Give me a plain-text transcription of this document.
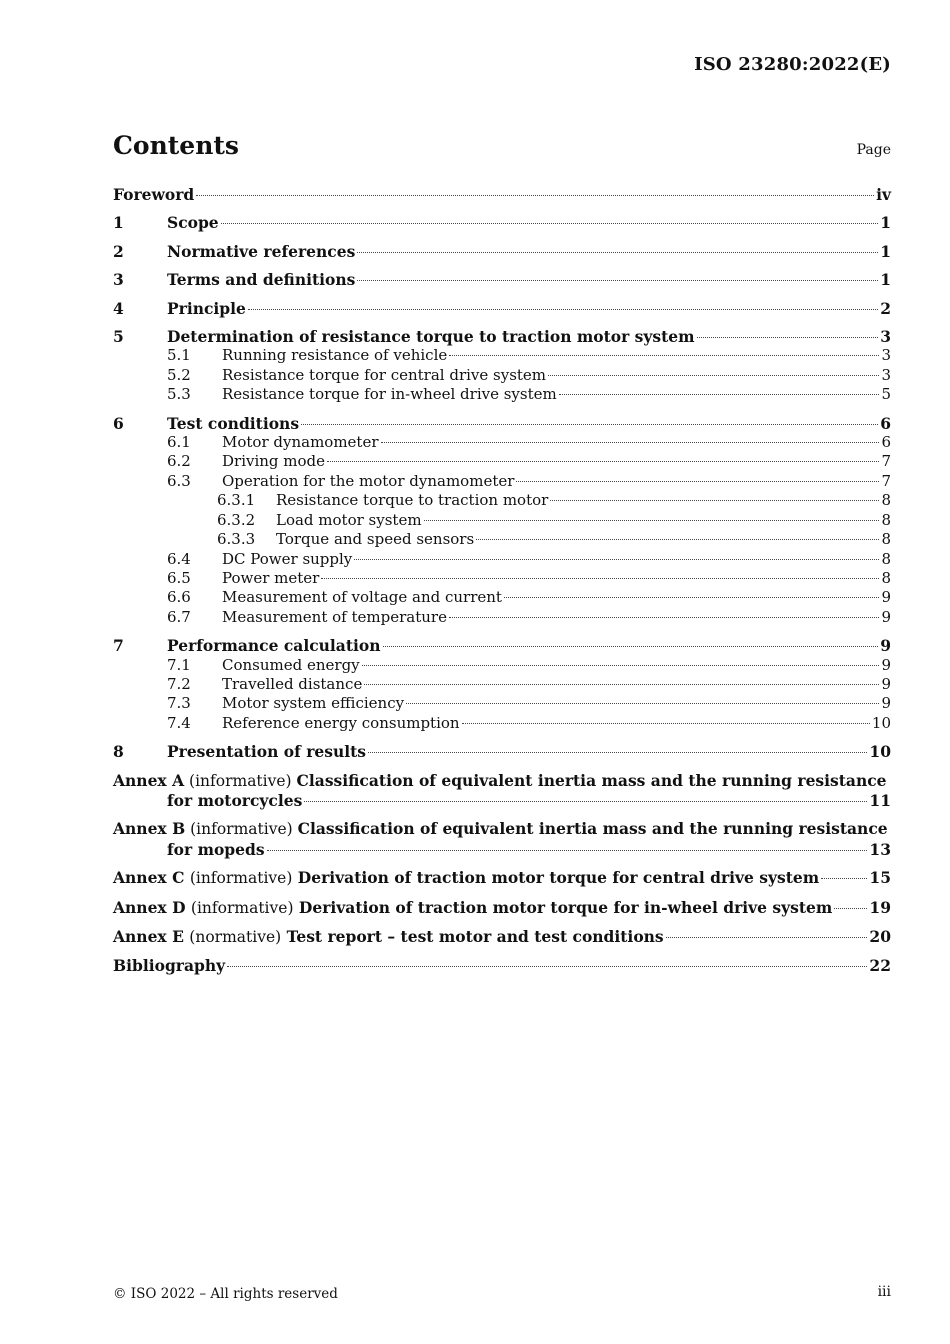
ISO 23280:2022(E)
Contents	Page
Foreword	iv
1	Scope	1
2	Normative references	1
3	Terms and definitions	1
4	Principle	2
5	Determination of resistance torque to traction motor system	3
5.1	Running resistance of vehicle	3
5.2	Resistance torque for central drive system	3
5.3	Resistance torque for in-wheel drive system	5
6	Test conditions	6
6.1	Motor dynamometer	6
6.2	Driving mode	7
6.3	Operation for the motor dynamometer	7
6.3.1	Resistance torque to traction motor	8
6.3.2	Load motor system	8
6.3.3	Torque and speed sensors	8
6.4	DC Power supply	8
6.5	Power meter	8
6.6	Measurement of voltage and current	9
6.7	Measurement of temperature	9
7	Performance calculation	9
7.1	Consumed energy	9
7.2	Travelled distance	9
7.3	Motor system efficiency	9
7.4	Reference energy consumption	10
8	Presentation of results	10
Annex A (informative) Classification of equivalent inertia mass and the running resistance
for motorcycles	11
Annex B (informative) Classification of equivalent inertia mass and the running resistance
for mopeds	13
Annex C (informative) Derivation of traction motor torque for central drive system	15
Annex D (informative) Derivation of traction motor torque for in-wheel drive system 19
Annex E (normative) Test report – test motor and test conditions	20
Bibliography	22
© ISO 2022 – All rights reserved	iii
